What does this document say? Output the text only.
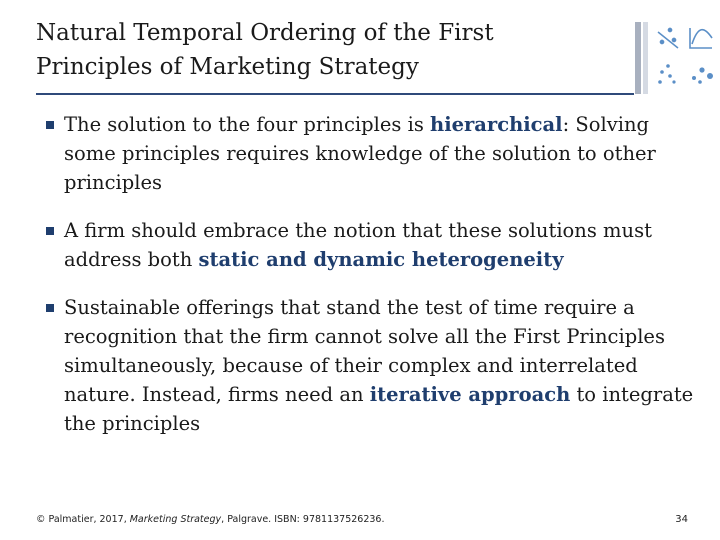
Natural Temporal Ordering of the First
Principles of Marketing Strategy
The solution to the four principles is hierarchical: Solving some principles requires knowledge of the solution to other principles
A firm should embrace the notion that these solutions must address both static and dynamic heterogeneity
Sustainable offerings that stand the test of time require a recognition that the firm cannot solve all the First Principles simultaneously, because of their complex and interrelated nature. Instead, firms need an iterative approach to integrate the principles
© Palmatier, 2017, Marketing Strategy, Palgrave. ISBN: 9781137526236.	34
